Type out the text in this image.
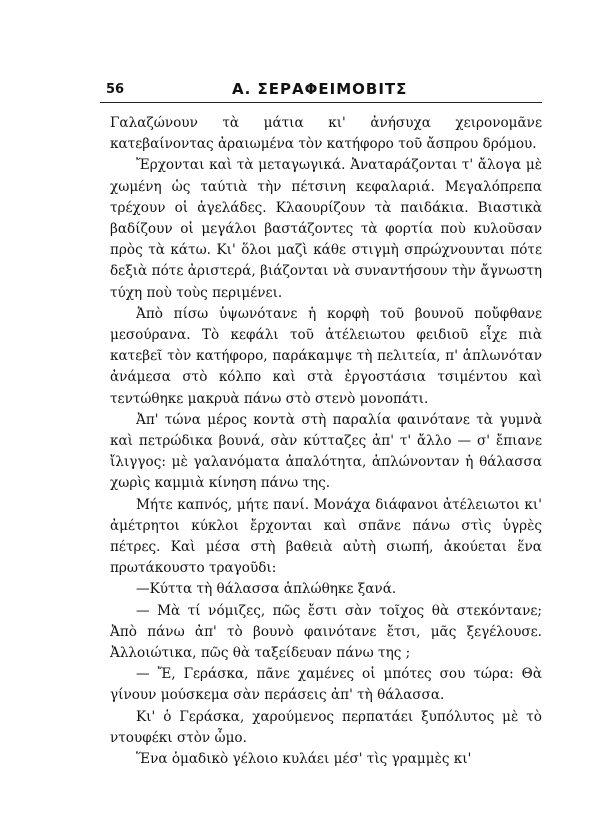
56	Α. ΣΕΡΑΦΕΙΜΟΒΙΤΣ

Γαλαζώνουν τὰ μάτια κι' ἀνήσυχα χειρονομᾶνε κατεβαίνοντας ἀραιωμένα τὸν κατήφορο τοῦ ἄσπρου δρόμου.

Ἔρχονται καὶ τὰ μεταγωγικά. Ἀναταράζονται τ' ἄλογα μὲ χωμένη ὡς ταύτιὰ τὴν πέτσινη κεφαλαριά. Μεγαλόπρεπα τρέχουν οἱ ἀγελάδες. Κλαουρίζουν τὰ παιδάκια. Βιαστικὰ βαδίζουν οἱ μεγάλοι βαστάζοντες τὰ φορτία ποὺ κυλοῦσαν πρὸς τὰ κάτω. Κι' ὅλοι μαζὶ κάθε στιγμὴ σπρώχνουνται πότε δεξιὰ πότε ἀριστερά, βιάζονται νὰ συναντήσουν τὴν ἄγνωστη τύχη ποὺ τοὺς περιμένει.

Ἀπὸ πίσω ὑψωνότανε ἡ κορφὴ τοῦ βουνοῦ ποὔφθανε μεσούρανα. Τὸ κεφάλι τοῦ ἀτέλειωτου φειδιοῦ εἶχε πιὰ κατεβεῖ τὸν κατήφορο, παράκαμψε τὴ πελιτεία, π' ἁπλωνόταν ἀνάμεσα στὸ κόλπο καὶ στὰ ἐργοστάσια τσιμέντου καὶ τεντώθηκε μακρυὰ πάνω στὸ στενὸ μονοπάτι.

Ἀπ' τώνα μέρος κοντὰ στὴ παραλία φαινότανε τὰ γυμνὰ καὶ πετρώδικα βουνά, σὰν κύτταζες ἀπ' τ' ἄλλο — σ' ἔπιανε ἴλιγγος: μὲ γαλανόματα ἁπαλότητα, ἁπλώνονταν ἡ θάλασσα χωρὶς καμμιὰ κίνηση πάνω της.

Μήτε καπνός, μήτε πανί. Μονάχα διάφανοι ἀτέλειωτοι κι' ἀμέτρητοι κύκλοι ἔρχονται καὶ σπᾶνε πάνω στὶς ὑγρὲς πέτρες. Καὶ μέσα στὴ βαθειὰ αὐτὴ σιωπή, ἀκούεται ἕνα πρωτάκουστο τραγοῦδι:

—Κύττα τὴ θάλασσα ἁπλώθηκε ξανά.

— Μὰ τί νόμιζες, πῶς ἔστι σὰν τοῖχος θὰ στεκόντανε; Ἀπὸ πάνω ἀπ' τὸ βουνὸ φαινότανε ἔτσι, μᾶς ξεγέλουσε. Ἀλλοιώτικα, πῶς θὰ ταξείδευαν πάνω της ;

— Ἔ, Γεράσκα, πᾶνε χαμένες οἱ μπότες σου τώρα: Θὰ γίνουν μούσκεμα σὰν περάσεις ἀπ' τὴ θάλασσα.

Κι' ὁ Γεράσκα, χαρούμενος περπατάει ξυπόλυτος μὲ τὸ ντουφέκι στὸν ὦμο.

Ἕνα ὁμαδικὸ γέλοιο κυλάει μέσ' τὶς γραμμὲς κι'
